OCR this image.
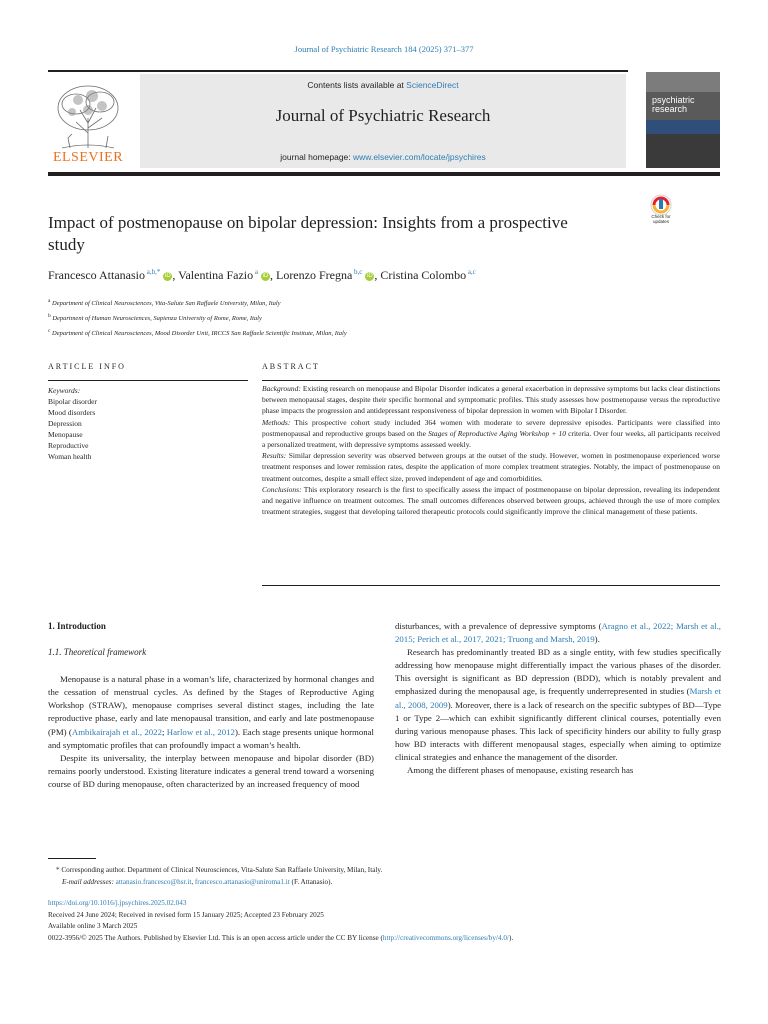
Journal of Psychiatric Research 184 (2025) 371–377
ELSEVIER
Contents lists available at ScienceDirect
Journal of Psychiatric Research
journal homepage: www.elsevier.com/locate/jpsychires
psychiatric
research
Check for updates
Impact of postmenopause on bipolar depression: Insights from a prospective study
Francesco Attanasio $^{a,b,*}$ iD , Valentina Fazio $^a$ iD , Lorenzo Fregna $^{b,c}$ iD , Cristina Colombo $^{a,c}$
$^a$ Department of Clinical Neurosciences, Vita-Salute San Raffaele University, Milan, Italy
$^b$ Department of Human Neurosciences, Sapienza University of Rome, Rome, Italy
$^c$ Department of Clinical Neurosciences, Mood Disorder Unit, IRCCS San Raffaele Scientific Institute, Milan, Italy
ARTICLE INFO	ABSTRACT
Keywords:
Bipolar disorder
Mood disorders
Depression
Menopause
Reproductive
Woman health

Background: Existing research on menopause and Bipolar Disorder indicates a general exacerbation in depressive symptoms but lacks clear distinctions between menopausal stages, despite their specific hormonal and symptomatic profiles. This study assesses how postmenopause versus the reproductive phase impacts the progression and antidepressant responsiveness of bipolar depression in women with Bipolar I Disorder.

Methods: This prospective cohort study included 364 women with moderate to severe depressive episodes. Participants were classified into postmenopausal and reproductive groups based on the Stages of Reproductive Aging Workshop + 10 criteria. Over four weeks, all participants received a personalized treatment, with depressive symptoms assessed weekly.

Results: Similar depression severity was observed between groups at the outset of the study. However, women in postmenopause experienced worse treatment responses and lower remission rates, despite the application of more complex treatment strategies. Notably, the impact of postmenopause on treatment outcomes, despite a small effect size, proved independent of age and comorbidities.

Conclusions: This exploratory research is the first to specifically assess the impact of postmenopause on bipolar depression, revealing its independent and negative influence on treatment outcomes. The small outcomes differences observed between groups, achieved through the use of more complex treatment strategies, suggest that developing tailored therapeutic protocols could significantly improve the clinical management of these patients.

1. Introduction
1.1. Theoretical framework

Menopause is a natural phase in a woman’s life, characterized by hormonal changes and the cessation of menstrual cycles. As defined by the Stages of Reproductive Aging Workshop (STRAW), menopause comprises several distinct stages, including the late reproductive phase, early and late menopausal transition, and early and late postmenopause (PM) (Ambikairajah et al., 2022; Harlow et al., 2012). Each stage presents unique hormonal and symptomatic profiles that can profoundly impact a woman’s health.

Despite its universality, the interplay between menopause and bipolar disorder (BD) remains poorly understood. Existing literature indicates a general trend toward a worsening course of BD during menopause, often characterized by an increased frequency of mood

disturbances, with a prevalence of depressive symptoms (Aragno et al., 2022; Marsh et al., 2015; Perich et al., 2017, 2021; Truong and Marsh, 2019).

Research has predominantly treated BD as a single entity, with few studies specifically addressing how menopause might differentially impact the various phases of the disorder. This oversight is significant as BD depression (BDD), which is notably prevalent and emphasized during the menopausal age, is frequently underrepresented in studies (Marsh et al., 2008, 2009). Moreover, there is a lack of research on the specific subtypes of BD—Type 1 or Type 2—which can exhibit significantly different clinical courses, potentially even during various menopause phases. This lack of specificity hinders our ability to fully grasp how BD interacts with different menopausal stages, especially when aiming to optimize clinical strategies and enhance the management of the disorder.

Among the different phases of menopause, existing research has

* Corresponding author. Department of Clinical Neurosciences, Vita-Salute San Raffaele University, Milan, Italy.
E-mail addresses: attanasio.francesco@hsr.it, francesco.attanasio@uniroma1.it (F. Attanasio).
https://doi.org/10.1016/j.jpsychires.2025.02.043
Received 24 June 2024; Received in revised form 15 January 2025; Accepted 23 February 2025
Available online 3 March 2025
0022-3956/© 2025 The Authors. Published by Elsevier Ltd. This is an open access article under the CC BY license (http://creativecommons.org/licenses/by/4.0/).
